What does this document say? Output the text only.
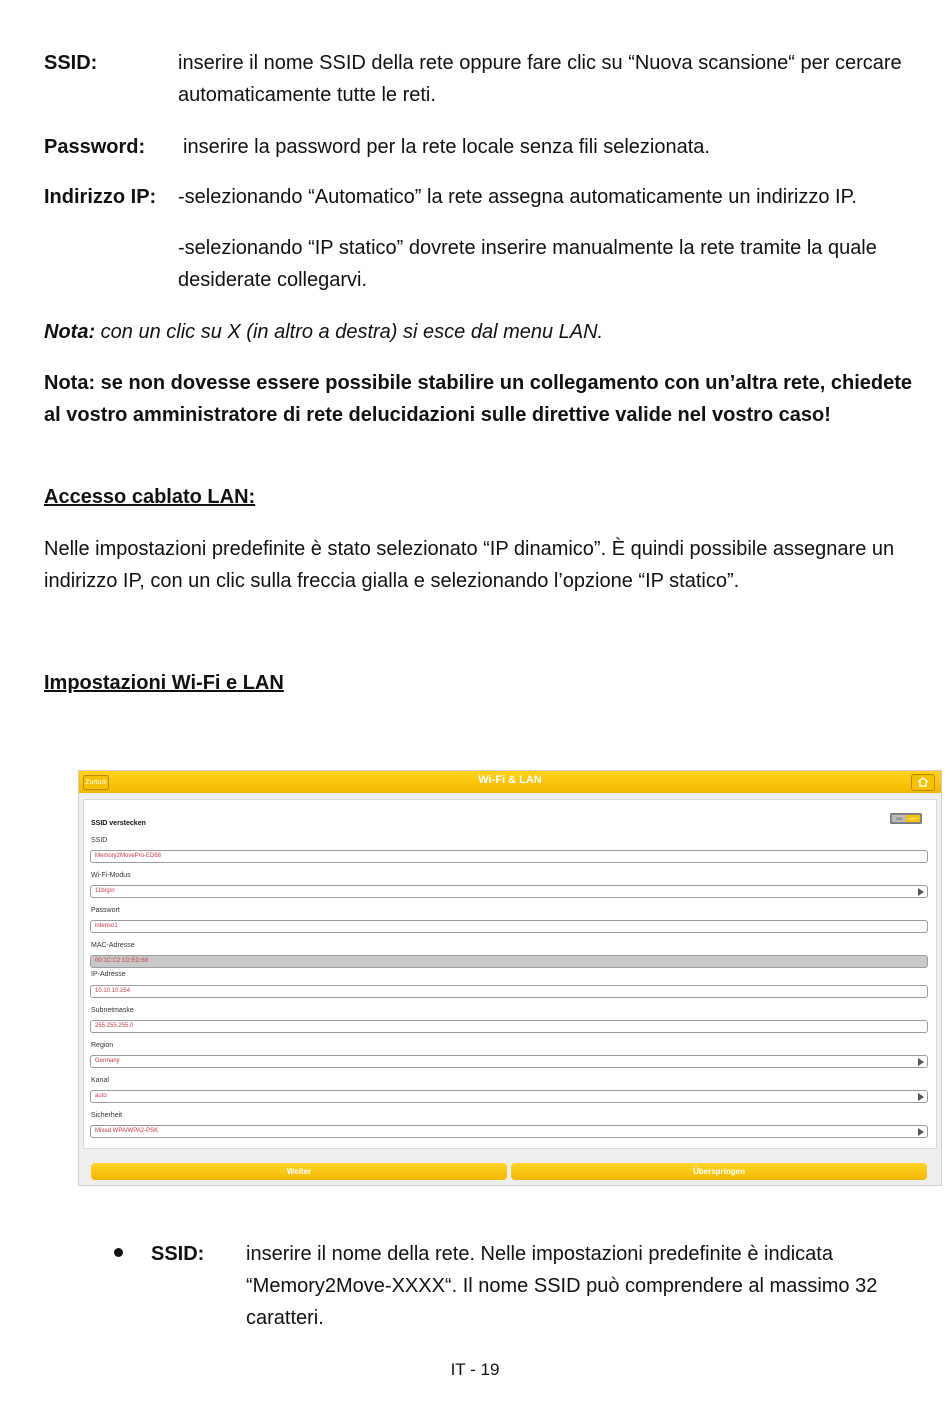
SSID:	inserire il nome SSID della rete oppure fare clic su “Nuova scansione“ per cercare automaticamente tutte le reti.
Password: inserire la password per la rete locale senza fili selezionata.
Indirizzo IP: -selezionando “Automatico” la rete assegna automaticamente un indirizzo IP.
-selezionando “IP statico” dovrete inserire manualmente la rete tramite la quale desiderate collegarvi.
Nota: con un clic su X (in altro a destra) si esce dal menu LAN.
Nota: se non dovesse essere possibile stabilire un collegamento con un’altra rete, chiedete al vostro amministratore di rete delucidazioni sulle direttive valide nel vostro caso!
Accesso cablato LAN:
Nelle impostazioni predefinite è stato selezionato “IP dinamico”. È quindi possibile assegnare un indirizzo IP, con un clic sulla freccia gialla e selezionando l’opzione “IP statico”.
Impostazioni Wi-Fi e LAN
Zurück	Wi-Fi & LAN
SSID verstecken
ON	OFF
SSID
Memory2MovePro-ED68
Wi-Fi-Modus
11b/g/n
Passwort
intenso1
MAC-Adresse
00:1C:C2:1D:ED:68
IP-Adresse
10.10.10.254
Subnetmaske
255.255.255.0
Region
Germany
Kanal
auto
Sicherheit
Mixed WPA/WPA2-PSK
Weiter	Überspringen
SSID: inserire il nome della rete. Nelle impostazioni predefinite è indicata “Memory2Move-XXXX“. Il nome SSID può comprendere al massimo 32 caratteri.
IT - 19
